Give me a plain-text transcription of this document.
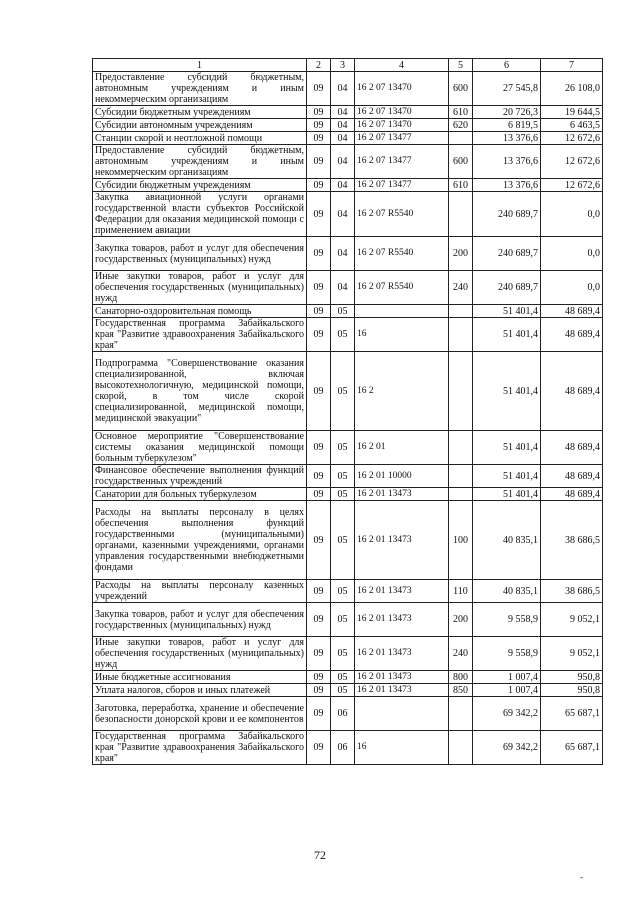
1	2	3	4	5	6	7
Предоставление субсидий бюджетным, автономным учреждениям и иным некоммерческим организациям	09	04	16 2 07 13470	600	27 545,8	26 108,0
Субсидии бюджетным учреждениям	09	04	16 2 07 13470	610	20 726,3	19 644,5
Субсидии автономным учреждениям	09	04	16 2 07 13470	620	6 819,5	6 463,5
Станции скорой и неотложной помощи	09	04	16 2 07 13477		13 376,6	12 672,6
Предоставление субсидий бюджетным, автономным учреждениям и иным некоммерческим организациям	09	04	16 2 07 13477	600	13 376,6	12 672,6
Субсидии бюджетным учреждениям	09	04	16 2 07 13477	610	13 376,6	12 672,6
Закупка авиационной услуги органами государственной власти субъектов Российской Федерации для оказания медицинской помощи с применением авиации	09	04	16 2 07 R5540		240 689,7	0,0
Закупка товаров, работ и услуг для обеспечения государственных (муниципальных) нужд	09	04	16 2 07 R5540	200	240 689,7	0,0
Иные закупки товаров, работ и услуг для обеспечения государственных (муниципальных) нужд	09	04	16 2 07 R5540	240	240 689,7	0,0
Санаторно-оздоровительная помощь	09	05			51 401,4	48 689,4
Государственная программа Забайкальского края "Развитие здравоохранения Забайкальского края"	09	05	16		51 401,4	48 689,4
Подпрограмма "Совершенствование оказания специализированной, включая высокотехнологичную, медицинской помощи, скорой, в том числе скорой специализированной, медицинской помощи, медицинской эвакуации"	09	05	16 2		51 401,4	48 689,4
Основное мероприятие "Совершенствование системы оказания медицинской помощи больным туберкулезом"	09	05	16 2 01		51 401,4	48 689,4
Финансовое обеспечение выполнения функций государственных учреждений	09	05	16 2 01 10000		51 401,4	48 689,4
Санатории для больных туберкулезом	09	05	16 2 01 13473		51 401,4	48 689,4
Расходы на выплаты персоналу в целях обеспечения выполнения функций государственными (муниципальными) органами, казенными учреждениями, органами управления государственными внебюджетными фондами	09	05	16 2 01 13473	100	40 835,1	38 686,5
Расходы на выплаты персоналу казенных учреждений	09	05	16 2 01 13473	110	40 835,1	38 686,5
Закупка товаров, работ и услуг для обеспечения государственных (муниципальных) нужд	09	05	16 2 01 13473	200	9 558,9	9 052,1
Иные закупки товаров, работ и услуг для обеспечения государственных (муниципальных) нужд	09	05	16 2 01 13473	240	9 558,9	9 052,1
Иные бюджетные ассигнования	09	05	16 2 01 13473	800	1 007,4	950,8
Уплата налогов, сборов и иных платежей	09	05	16 2 01 13473	850	1 007,4	950,8
Заготовка, переработка, хранение и обеспечение безопасности донорской крови и ее компонентов	09	06			69 342,2	65 687,1
Государственная программа Забайкальского края "Развитие здравоохранения Забайкальского края"	09	06	16		69 342,2	65 687,1
72
-
